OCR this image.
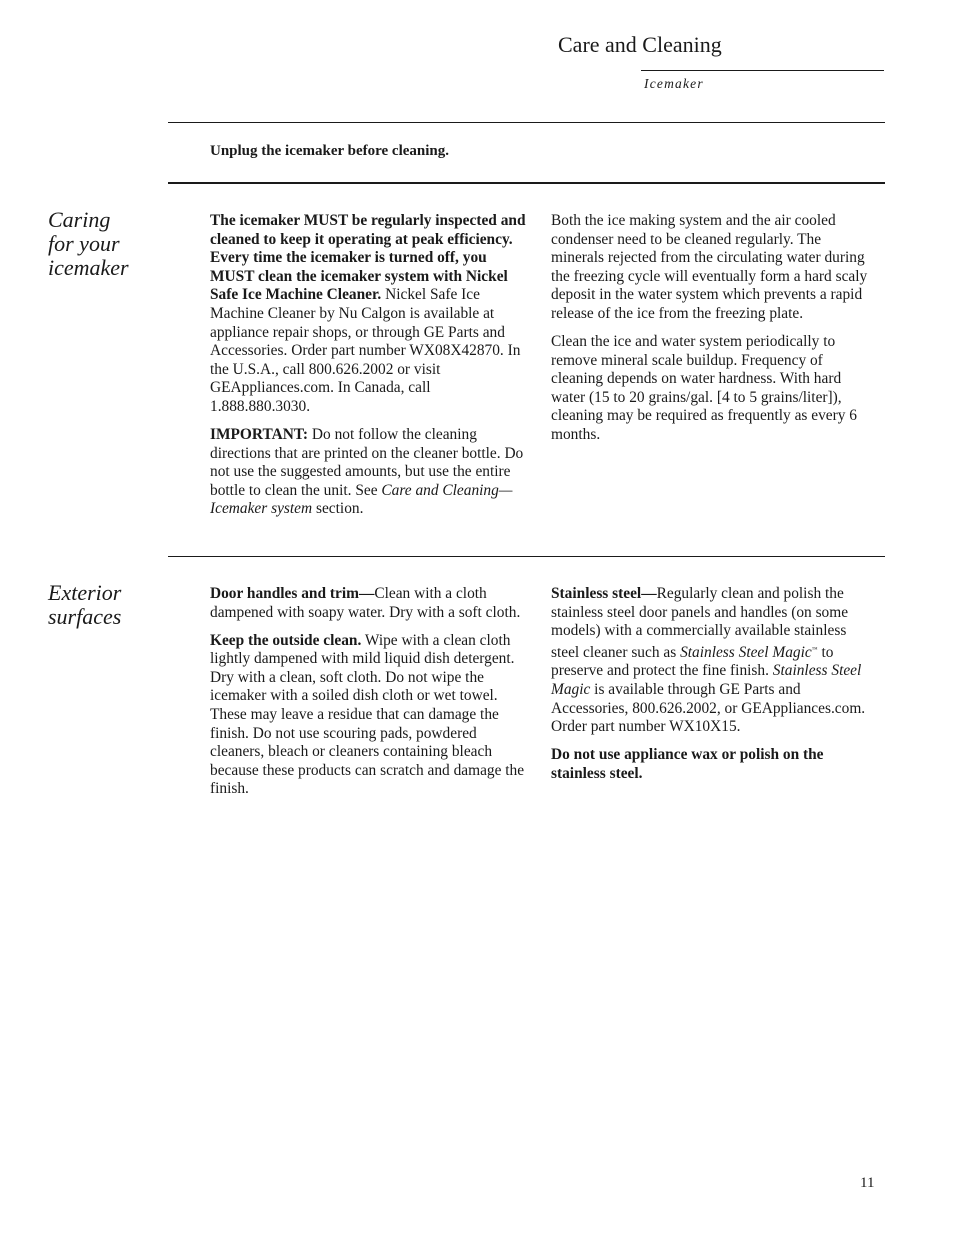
Care and Cleaning
Icemaker
Unplug the icemaker before cleaning.
Caring
for your
icemaker

The icemaker MUST be regularly inspected and cleaned to keep it operating at peak efficiency. Every time the icemaker is turned off, you MUST clean the icemaker system with Nickel Safe Ice Machine Cleaner. Nickel Safe Ice Machine Cleaner by Nu Calgon is available at appliance repair shops, or through GE Parts and Accessories. Order part number WX08X42870. In the U.S.A., call 800.626.2002 or visit GEAppliances.com. In Canada, call 1.888.880.3030.

IMPORTANT: Do not follow the cleaning directions that are printed on the cleaner bottle. Do not use the suggested amounts, but use the entire bottle to clean the unit. See Care and Cleaning—Icemaker system section.

Both the ice making system and the air cooled condenser need to be cleaned regularly. The minerals rejected from the circulating water during the freezing cycle will eventually form a hard scaly deposit in the water system which prevents a rapid release of the ice from the freezing plate.

Clean the ice and water system periodically to remove mineral scale buildup. Frequency of cleaning depends on water hardness. With hard water (15 to 20 grains/gal. [4 to 5 grains/liter]), cleaning may be required as frequently as every 6 months.

Exterior
surfaces

Door handles and trim—Clean with a cloth dampened with soapy water. Dry with a soft cloth.

Keep the outside clean. Wipe with a clean cloth lightly dampened with mild liquid dish detergent. Dry with a clean, soft cloth. Do not wipe the icemaker with a soiled dish cloth or wet towel. These may leave a residue that can damage the finish. Do not use scouring pads, powdered cleaners, bleach or cleaners containing bleach because these products can scratch and damage the finish.

Stainless steel—Regularly clean and polish the stainless steel door panels and handles (on some models) with a commercially available stainless steel cleaner such as Stainless Steel Magic™ to preserve and protect the fine finish. Stainless Steel Magic is available through GE Parts and Accessories, 800.626.2002, or GEAppliances.com. Order part number WX10X15.

Do not use appliance wax or polish on the stainless steel.

11
